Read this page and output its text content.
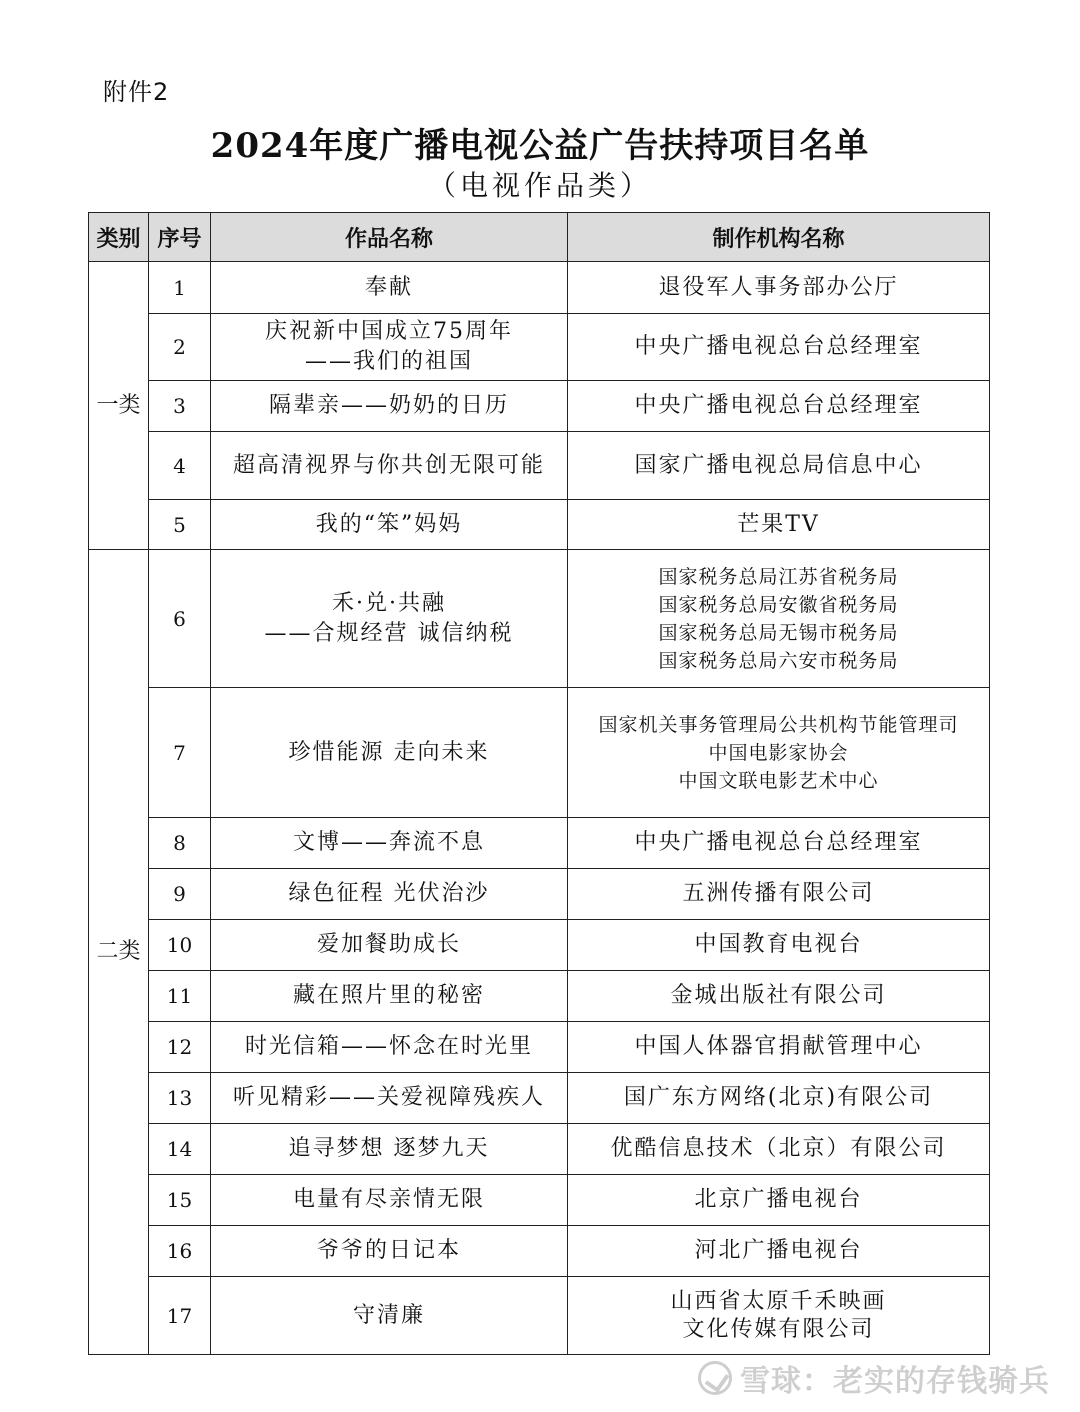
附件2
2024年度广播电视公益广告扶持项目名单
（电视作品类）
类别	序号	作品名称	制作机构名称
一类	1	奉献	退役军人事务部办公厅

	2	庆祝新中国成立75周年
——我们的祖国	中央广播电视总台总经理室

	3	隔辈亲——奶奶的日历	中央广播电视总台总经理室

	4	超高清视界与你共创无限可能	国家广播电视总局信息中心

	5	我的“笨”妈妈	芒果TV

二类	6	禾·兑·共融
——合规经营 诚信纳税	国家税务总局江苏省税务局
国家税务总局安徽省税务局
国家税务总局无锡市税务局
国家税务总局六安市税务局

	7	珍惜能源 走向未来	国家机关事务管理局公共机构节能管理司
中国电影家协会
中国文联电影艺术中心

	8	文博——奔流不息	中央广播电视总台总经理室

	9	绿色征程 光伏治沙	五洲传播有限公司

	10	爱加餐助成长	中国教育电视台

	11	藏在照片里的秘密	金城出版社有限公司

	12	时光信箱——怀念在时光里	中国人体器官捐献管理中心

	13	听见精彩——关爱视障残疾人	国广东方网络(北京)有限公司

	14	追寻梦想 逐梦九天	优酷信息技术（北京）有限公司

	15	电量有尽亲情无限	北京广播电视台

	16	爷爷的日记本	河北广播电视台

	17	守清廉	山西省太原千禾映画
文化传媒有限公司
雪球：老实的存钱骑兵
